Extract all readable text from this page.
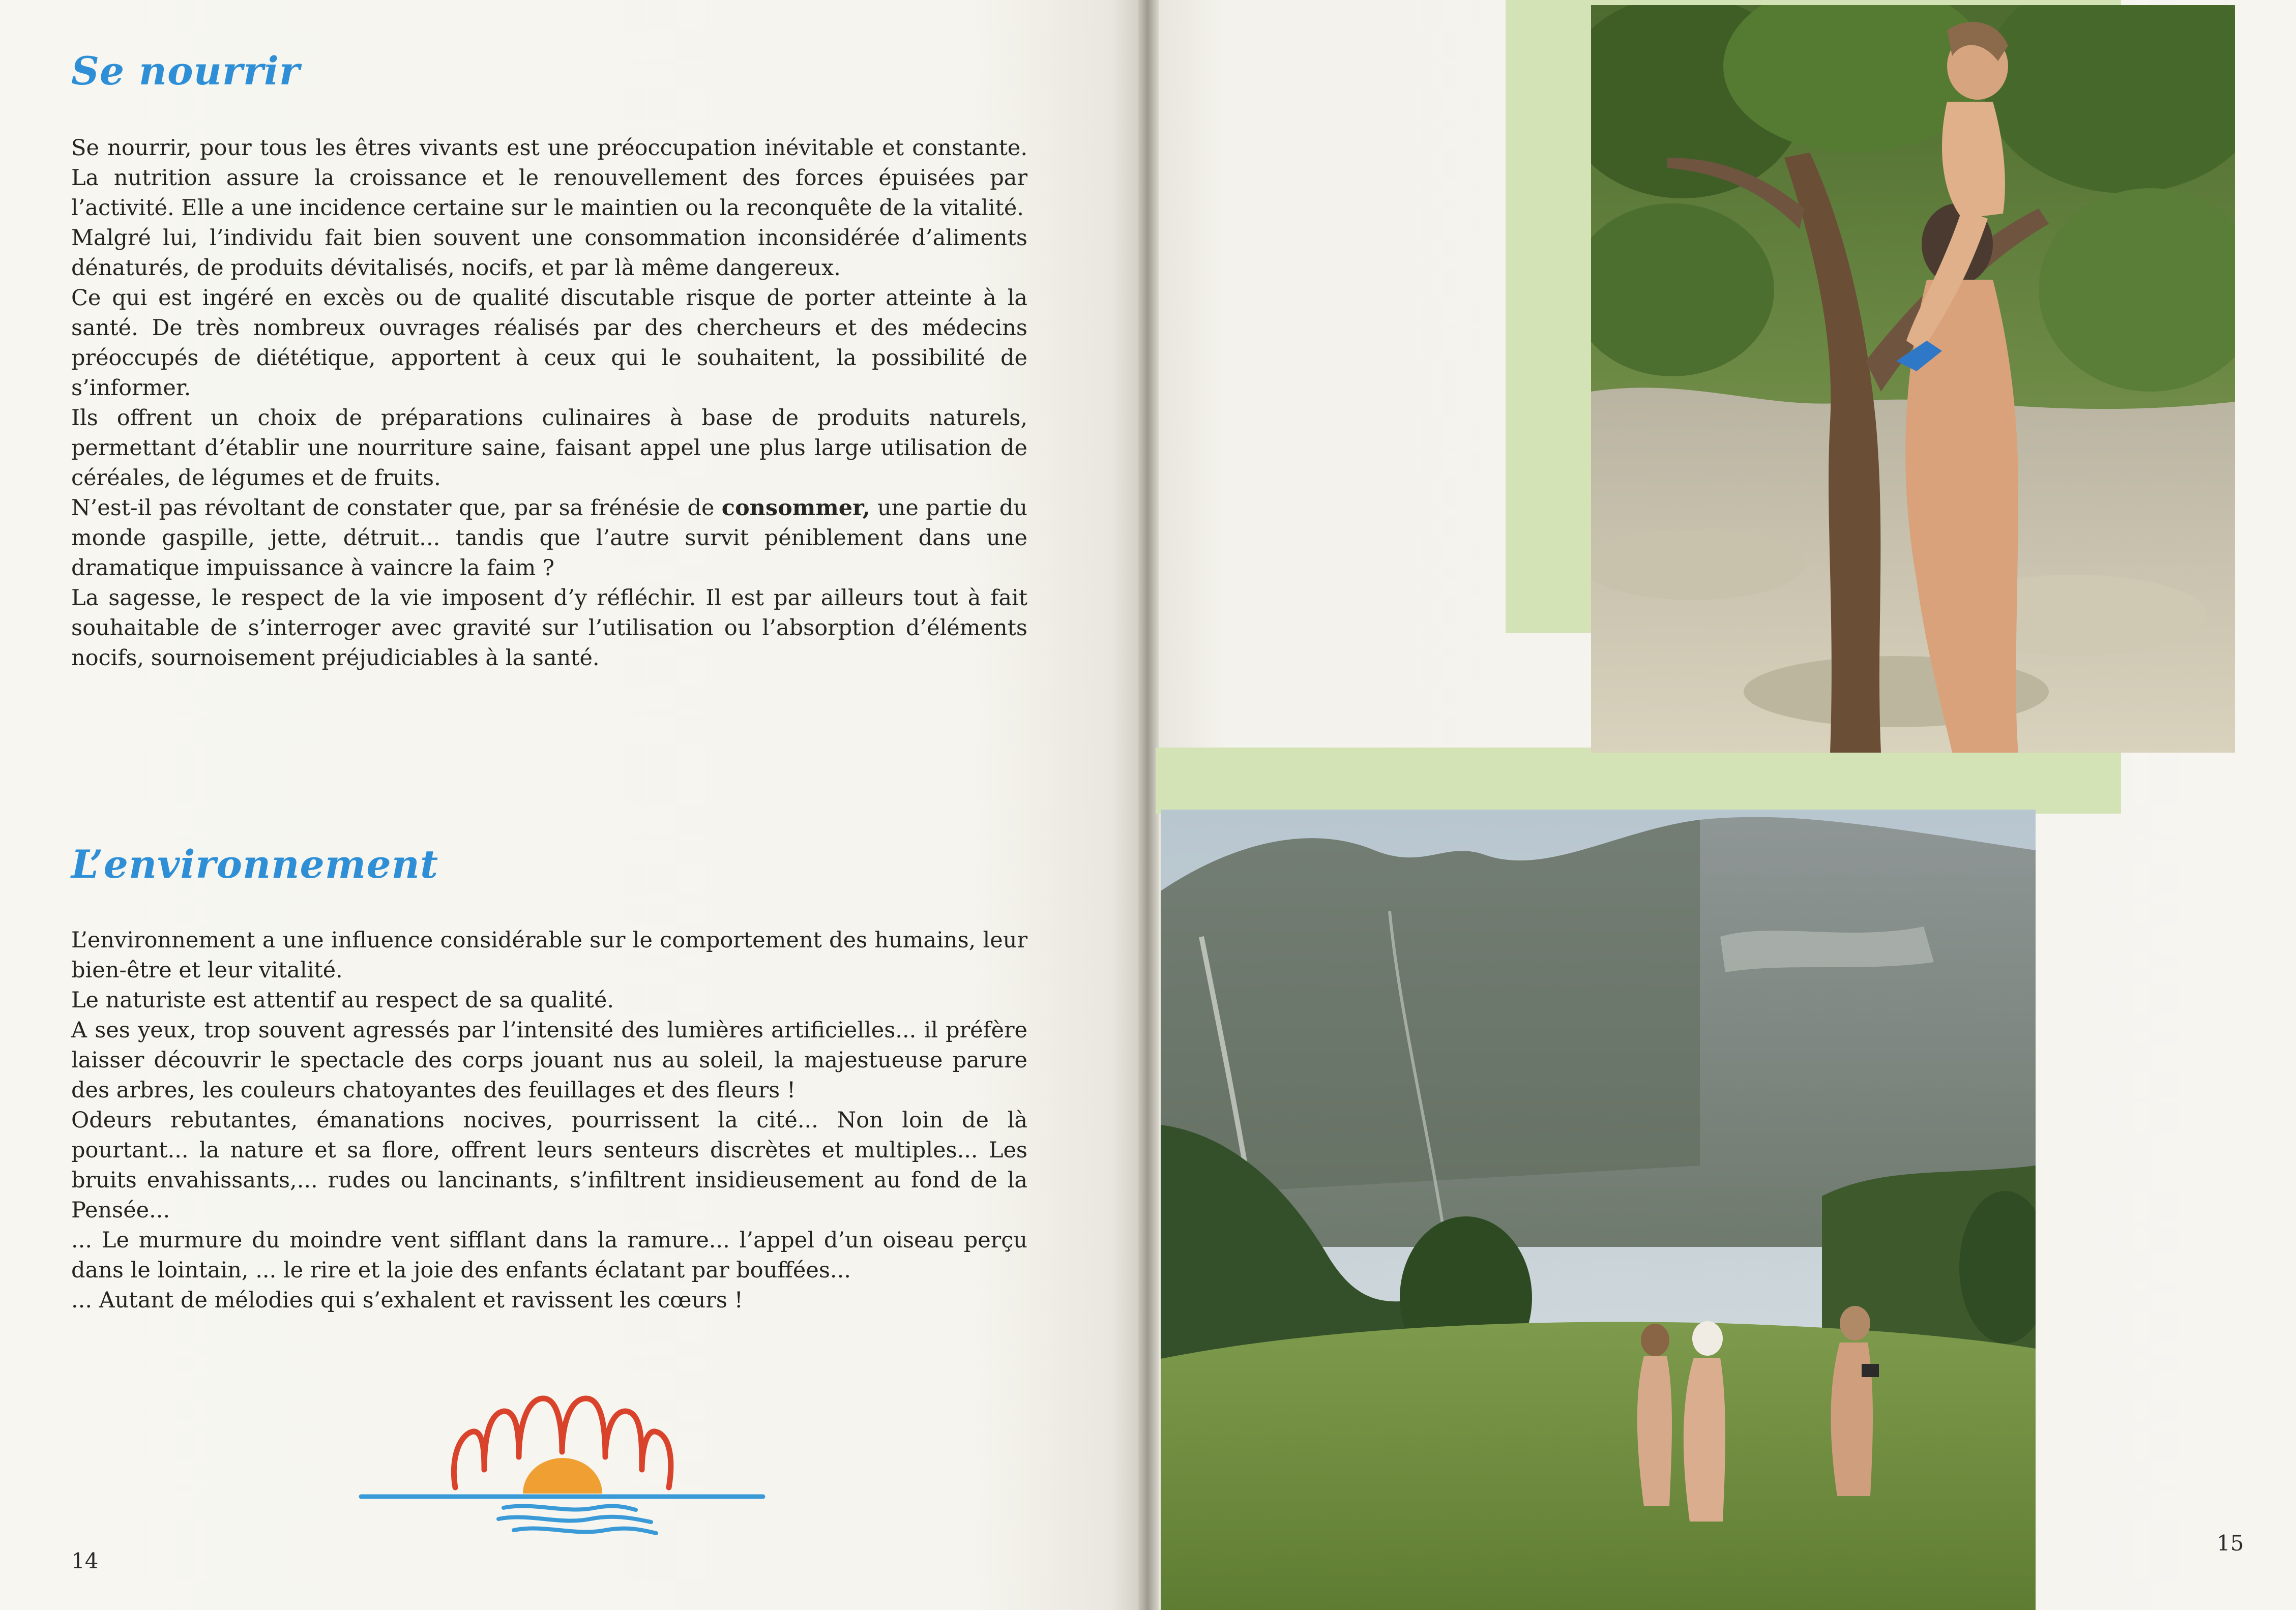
Se nourrir

Se nourrir, pour tous les êtres vivants est une préoccupation inévitable et constante. La nutrition assure la croissance et le renouvellement des forces épuisées par l’activité. Elle a une incidence certaine sur le maintien ou la reconquête de la vitalité.

Malgré lui, l’individu fait bien souvent une consommation inconsidérée d’aliments dénaturés, de produits dévitalisés, nocifs, et par là même dangereux.

Ce qui est ingéré en excès ou de qualité discutable risque de porter atteinte à la santé. De très nombreux ouvrages réalisés par des chercheurs et des médecins préoccupés de diététique, apportent à ceux qui le souhaitent, la possibilité de s’informer.

Ils offrent un choix de préparations culinaires à base de produits naturels, permettant d’établir une nourriture saine, faisant appel une plus large utilisation de céréales, de légumes et de fruits.

N’est-il pas révoltant de constater que, par sa frénésie de consommer, une partie du monde gaspille, jette, détruit... tandis que l’autre survit péniblement dans une dramatique impuissance à vaincre la faim ?

La sagesse, le respect de la vie imposent d’y réfléchir. Il est par ailleurs tout à fait souhaitable de s’interroger avec gravité sur l’utilisation ou l’absorption d’éléments nocifs, sournoisement préjudiciables à la santé.

L’environnement

L’environnement a une influence considérable sur le comportement des humains, leur bien-être et leur vitalité.

Le naturiste est attentif au respect de sa qualité.

A ses yeux, trop souvent agressés par l’intensité des lumières artificielles... il préfère laisser découvrir le spectacle des corps jouant nus au soleil, la majestueuse parure des arbres, les couleurs chatoyantes des feuillages et des fleurs !

Odeurs rebutantes, émanations nocives, pourrissent la cité... Non loin de là pourtant... la nature et sa flore, offrent leurs senteurs discrètes et multiples... Les bruits envahissants,... rudes ou lancinants, s’infiltrent insidieusement au fond de la Pensée...

... Le murmure du moindre vent sifflant dans la ramure... l’appel d’un oiseau perçu dans le lointain, ... le rire et la joie des enfants éclatant par bouffées...

... Autant de mélodies qui s’exhalent et ravissent les cœurs !

14
15
